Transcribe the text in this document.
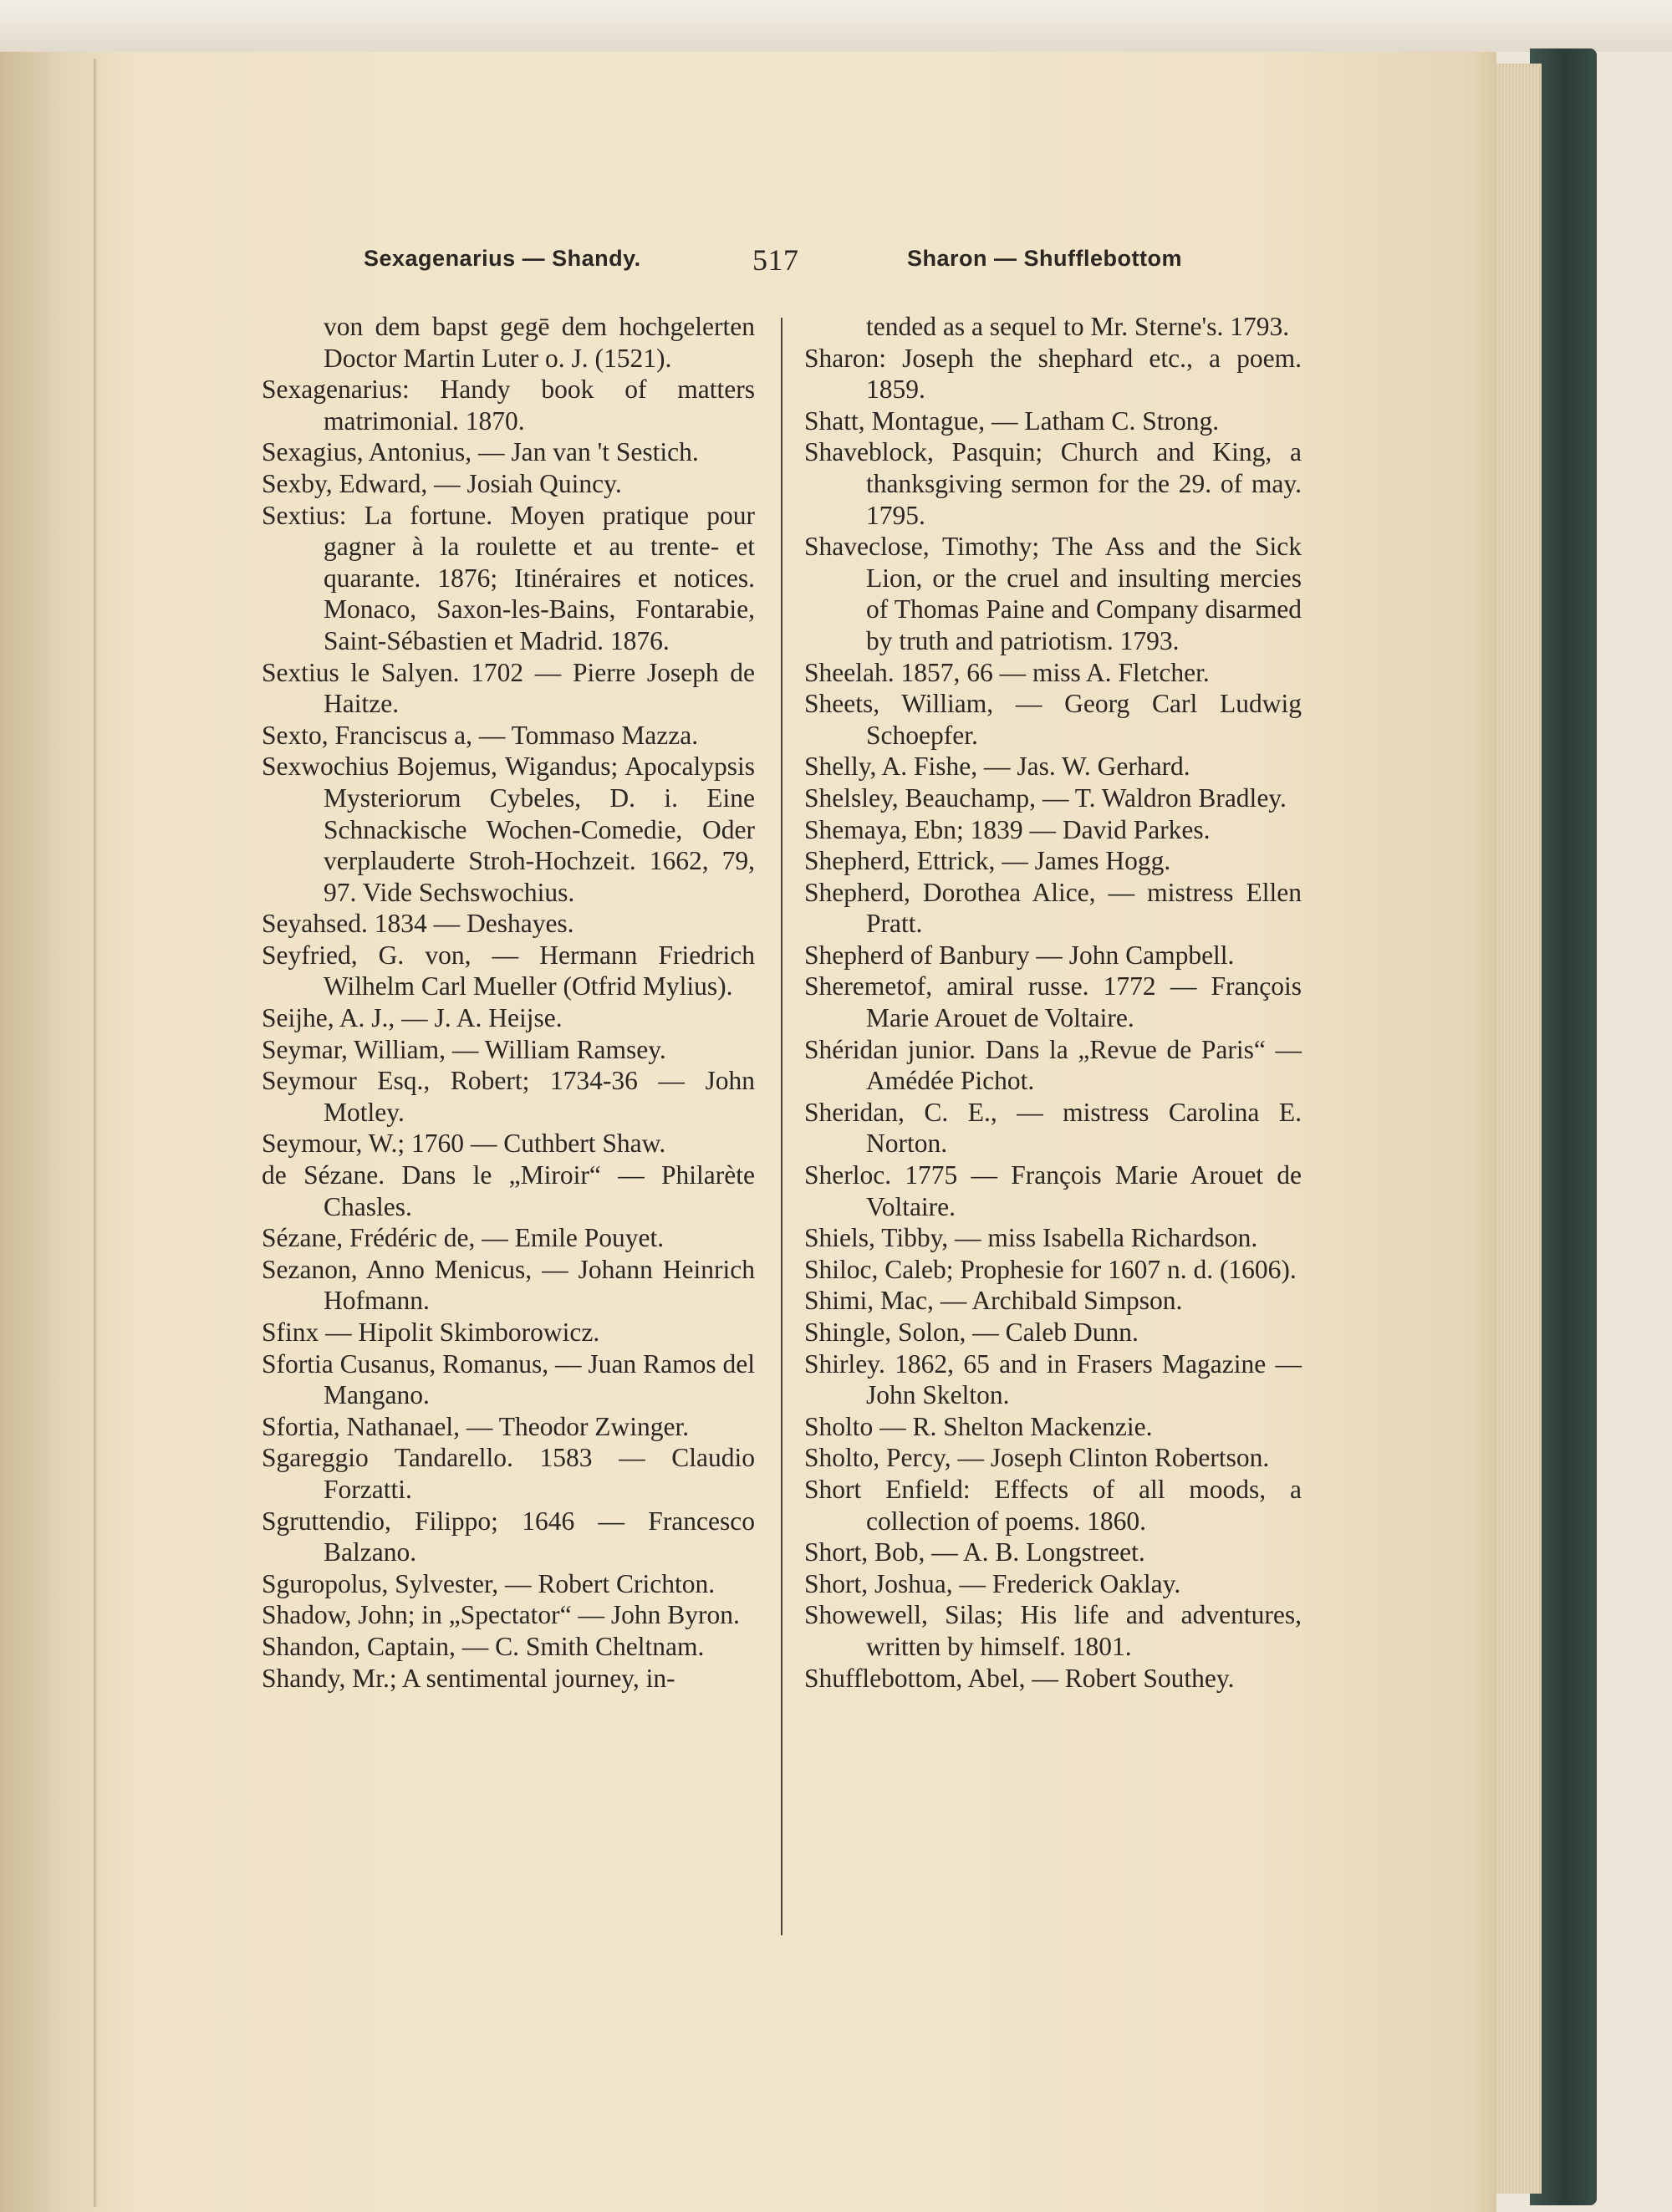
Sexagenarius — Shandy.	517	Sharon — Shufflebottom

von dem bapst gegē dem hochgelerten Doctor Martin Luter o. J. (1521).

Sexagenarius: Handy book of matters matrimonial. 1870.

Sexagius, Antonius, — Jan van 't Sestich.

Sexby, Edward, — Josiah Quincy.

Sextius: La fortune. Moyen pratique pour gagner à la roulette et au trente- et quarante. 1876; Itinéraires et notices. Monaco, Saxon-les-Bains, Fontarabie, Saint-Sébastien et Madrid. 1876.

Sextius le Salyen. 1702 — Pierre Joseph de Haitze.

Sexto, Franciscus a, — Tommaso Mazza.

Sexwochius Bojemus, Wigandus; Apocalypsis Mysteriorum Cybeles, D. i. Eine Schnackische Wochen-Comedie, Oder verplauderte Stroh-Hochzeit. 1662, 79, 97. Vide Sechswochius.

Seyahsed. 1834 — Deshayes.

Seyfried, G. von, — Hermann Friedrich Wilhelm Carl Mueller (Otfrid Mylius).

Seijhe, A. J., — J. A. Heijse.

Seymar, William, — William Ramsey.

Seymour Esq., Robert; 1734-36 — John Motley.

Seymour, W.; 1760 — Cuthbert Shaw.

de Sézane. Dans le „Miroir“ — Philarète Chasles.

Sézane, Frédéric de, — Emile Pouyet.

Sezanon, Anno Menicus, — Johann Heinrich Hofmann.

Sfinx — Hipolit Skimborowicz.

Sfortia Cusanus, Romanus, — Juan Ramos del Mangano.

Sfortia, Nathanael, — Theodor Zwinger.

Sgareggio Tandarello. 1583 — Claudio Forzatti.

Sgruttendio, Filippo; 1646 — Francesco Balzano.

Sguropolus, Sylvester, — Robert Crichton.

Shadow, John; in „Spectator“ — John Byron.

Shandon, Captain, — C. Smith Cheltnam.

Shandy, Mr.; A sentimental journey, in-

tended as a sequel to Mr. Sterne's. 1793.

Sharon: Joseph the shephard etc., a poem. 1859.

Shatt, Montague, — Latham C. Strong.

Shaveblock, Pasquin; Church and King, a thanksgiving sermon for the 29. of may. 1795.

Shaveclose, Timothy; The Ass and the Sick Lion, or the cruel and insulting mercies of Thomas Paine and Company disarmed by truth and patriotism. 1793.

Sheelah. 1857, 66 — miss A. Fletcher.

Sheets, William, — Georg Carl Ludwig Schoepfer.

Shelly, A. Fishe, — Jas. W. Gerhard.

Shelsley, Beauchamp, — T. Waldron Bradley.

Shemaya, Ebn; 1839 — David Parkes.

Shepherd, Ettrick, — James Hogg.

Shepherd, Dorothea Alice, — mistress Ellen Pratt.

Shepherd of Banbury — John Campbell.

Sheremetof, amiral russe. 1772 — François Marie Arouet de Voltaire.

Shéridan junior. Dans la „Revue de Paris“ — Amédée Pichot.

Sheridan, C. E., — mistress Carolina E. Norton.

Sherloc. 1775 — François Marie Arouet de Voltaire.

Shiels, Tibby, — miss Isabella Richardson.

Shiloc, Caleb; Prophesie for 1607 n. d. (1606).

Shimi, Mac, — Archibald Simpson.

Shingle, Solon, — Caleb Dunn.

Shirley. 1862, 65 and in Frasers Magazine — John Skelton.

Sholto — R. Shelton Mackenzie.

Sholto, Percy, — Joseph Clinton Robertson.

Short Enfield: Effects of all moods, a collection of poems. 1860.

Short, Bob, — A. B. Longstreet.

Short, Joshua, — Frederick Oaklay.

Showewell, Silas; His life and adventures, written by himself. 1801.

Shufflebottom, Abel, — Robert Southey.
